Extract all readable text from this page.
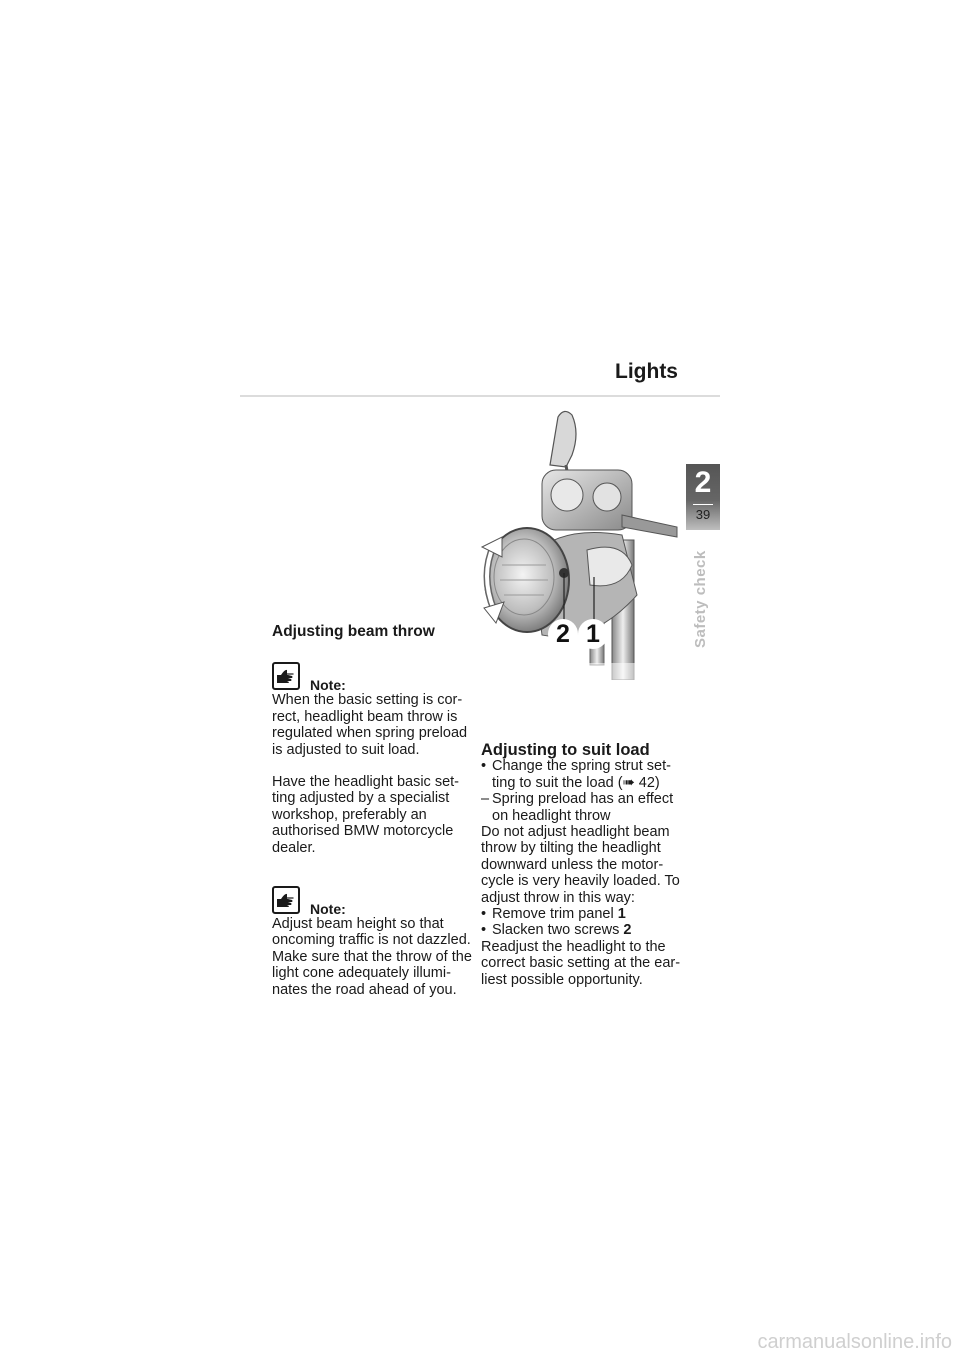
Lights
2
39
Safety check
2 1
Adjusting beam throw
Note:

When the basic setting is cor-rect, headlight beam throw is regulated when spring preload is adjusted to suit load.

Have the headlight basic set-ting adjusted by a specialist workshop, preferably an authorised BMW motorcycle dealer.

Note:

Adjust beam height so that oncoming traffic is not dazzled. Make sure that the throw of the light cone adequately illumi-nates the road ahead of you.

Adjusting to suit load
• Change the spring strut set-ting to suit the load (➠ 42)
– Spring preload has an effect on headlight throw

Do not adjust headlight beam throw by tilting the headlight downward unless the motor-cycle is very heavily loaded. To adjust throw in this way:

• Remove trim panel 1
• Slacken two screws 2

Readjust the headlight to the correct basic setting at the ear-liest possible opportunity.

carmanualsonline.info
